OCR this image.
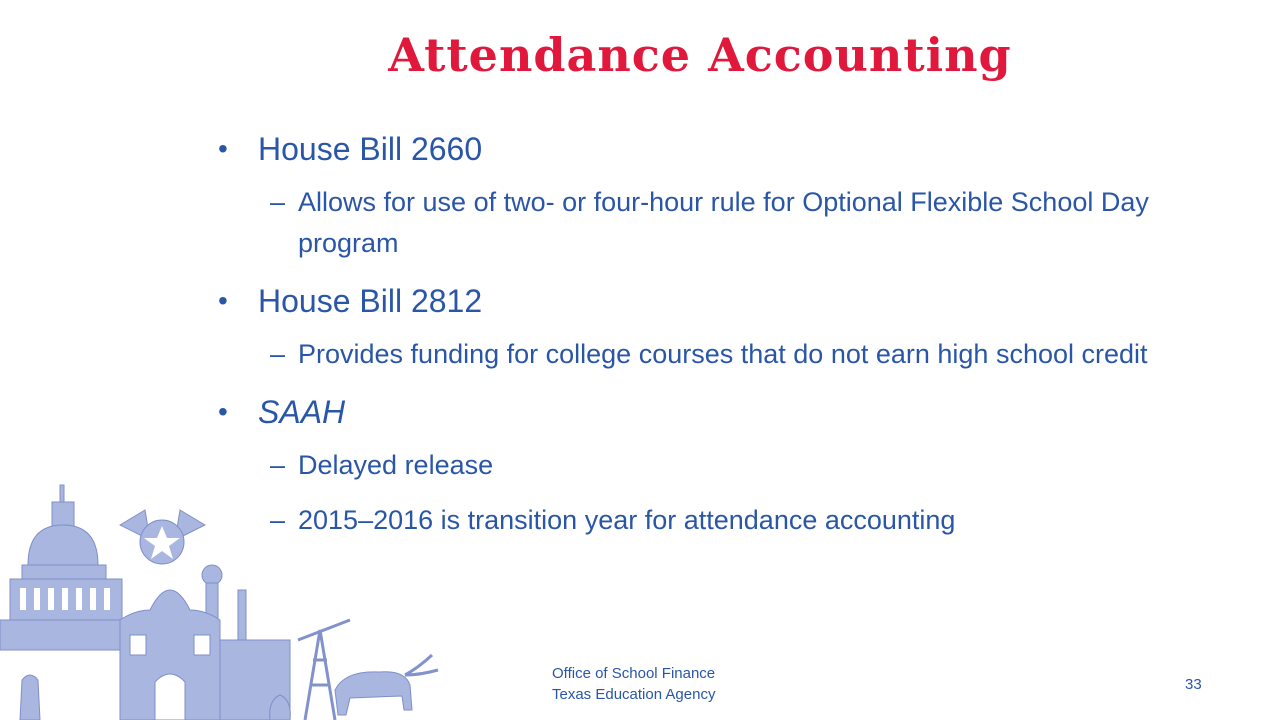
Attendance Accounting
• House Bill 2660
– Allows for use of two- or four-hour rule for Optional Flexible School Day program
• House Bill 2812
– Provides funding for college courses that do not earn high school credit
• SAAH
– Delayed release
– 2015–2016 is transition year for attendance accounting
Office of School Finance
Texas Education Agency
33
